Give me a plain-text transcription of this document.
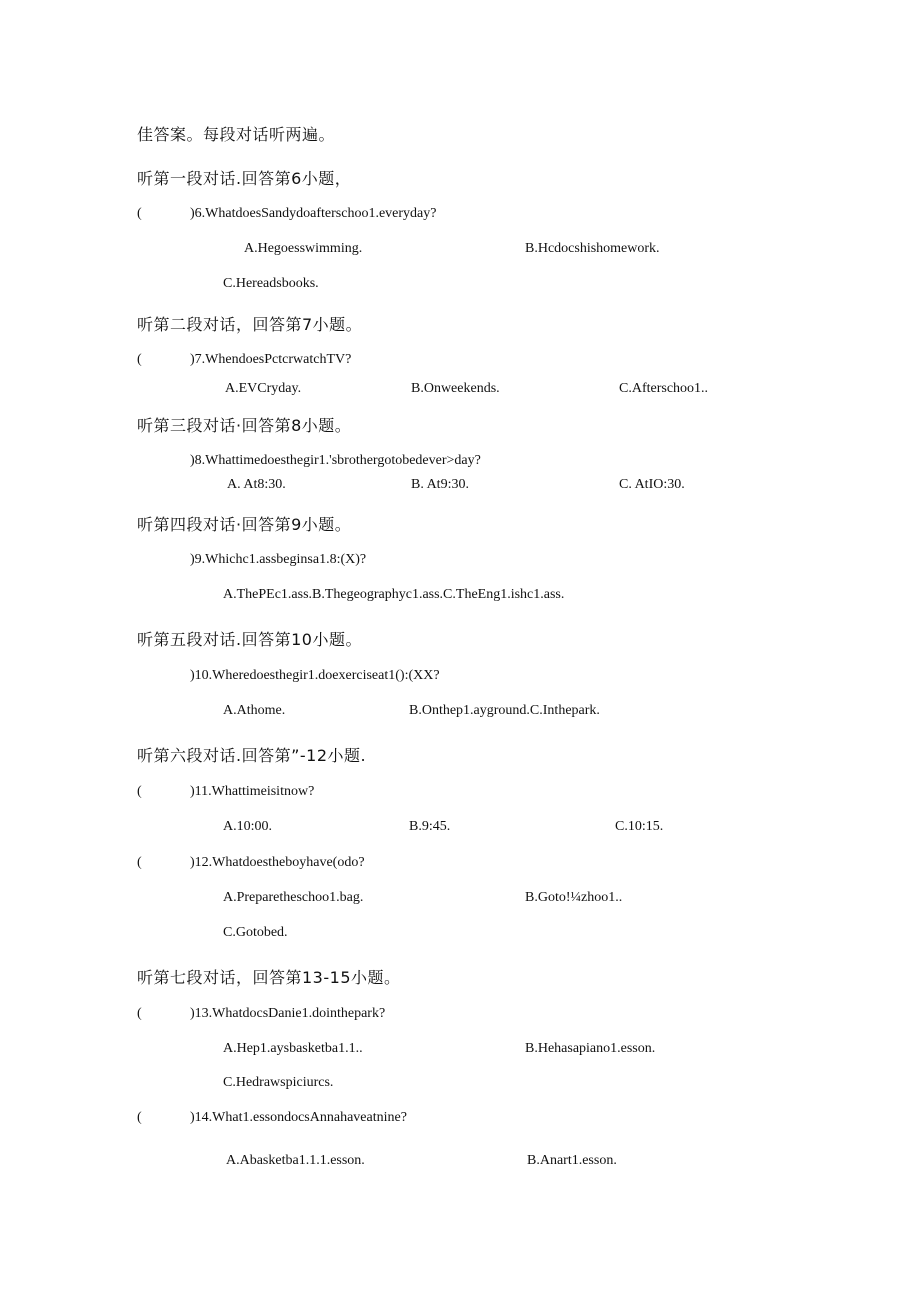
佳答案。每段对话听两遍。
听第一段对话.回答第6小题，
(	)6.WhatdoesSandydoafterschoo1.everyday?
A.Hegoesswimming.	B.Hcdocshishomework.
C.Hereadsbooks.
听第二段对话，回答第7小题。
(	)7.WhendoesPctcrwatchTV?
A.EVCryday.	B.Onweekends.	C.Afterschoo1..
听第三段对话·回答第8小题。
)8.Whattimedoesthegir1.'sbrothergotobedever>day?
A. At8:30.	B. At9:30.	C. AtIO:30.
听第四段对话·回答第9小题。
)9.Whichc1.assbeginsa1.8:(X)?
A.ThePEc1.ass.B.Thegeographyc1.ass.C.TheEng1.ishc1.ass.
听第五段对话.回答第10小题。
)10.Wheredoesthegir1.doexerciseat1():(XX?
A.Athome.	B.Onthep1.ayground.C.Inthepark.
听第六段对话.回答第”-12小题.
(	)11.Whattimeisitnow?
A.10:00.	B.9:45.	C.10:15.
(	)12.Whatdoestheboyhave(odo?
A.Preparetheschoo1.bag.	B.Goto!¼zhoo1..
C.Gotobed.
听第七段对话，回答第13-15小题。
(	)13.WhatdocsDanie1.dointhepark?
A.Hep1.aysbasketba1.1..	B.Hehasapiano1.esson.
C.Hedrawspiciurcs.
(	)14.What1.essondocsAnnahaveatnine?
A.Abasketba1.1.1.esson.	B.Anart1.esson.
